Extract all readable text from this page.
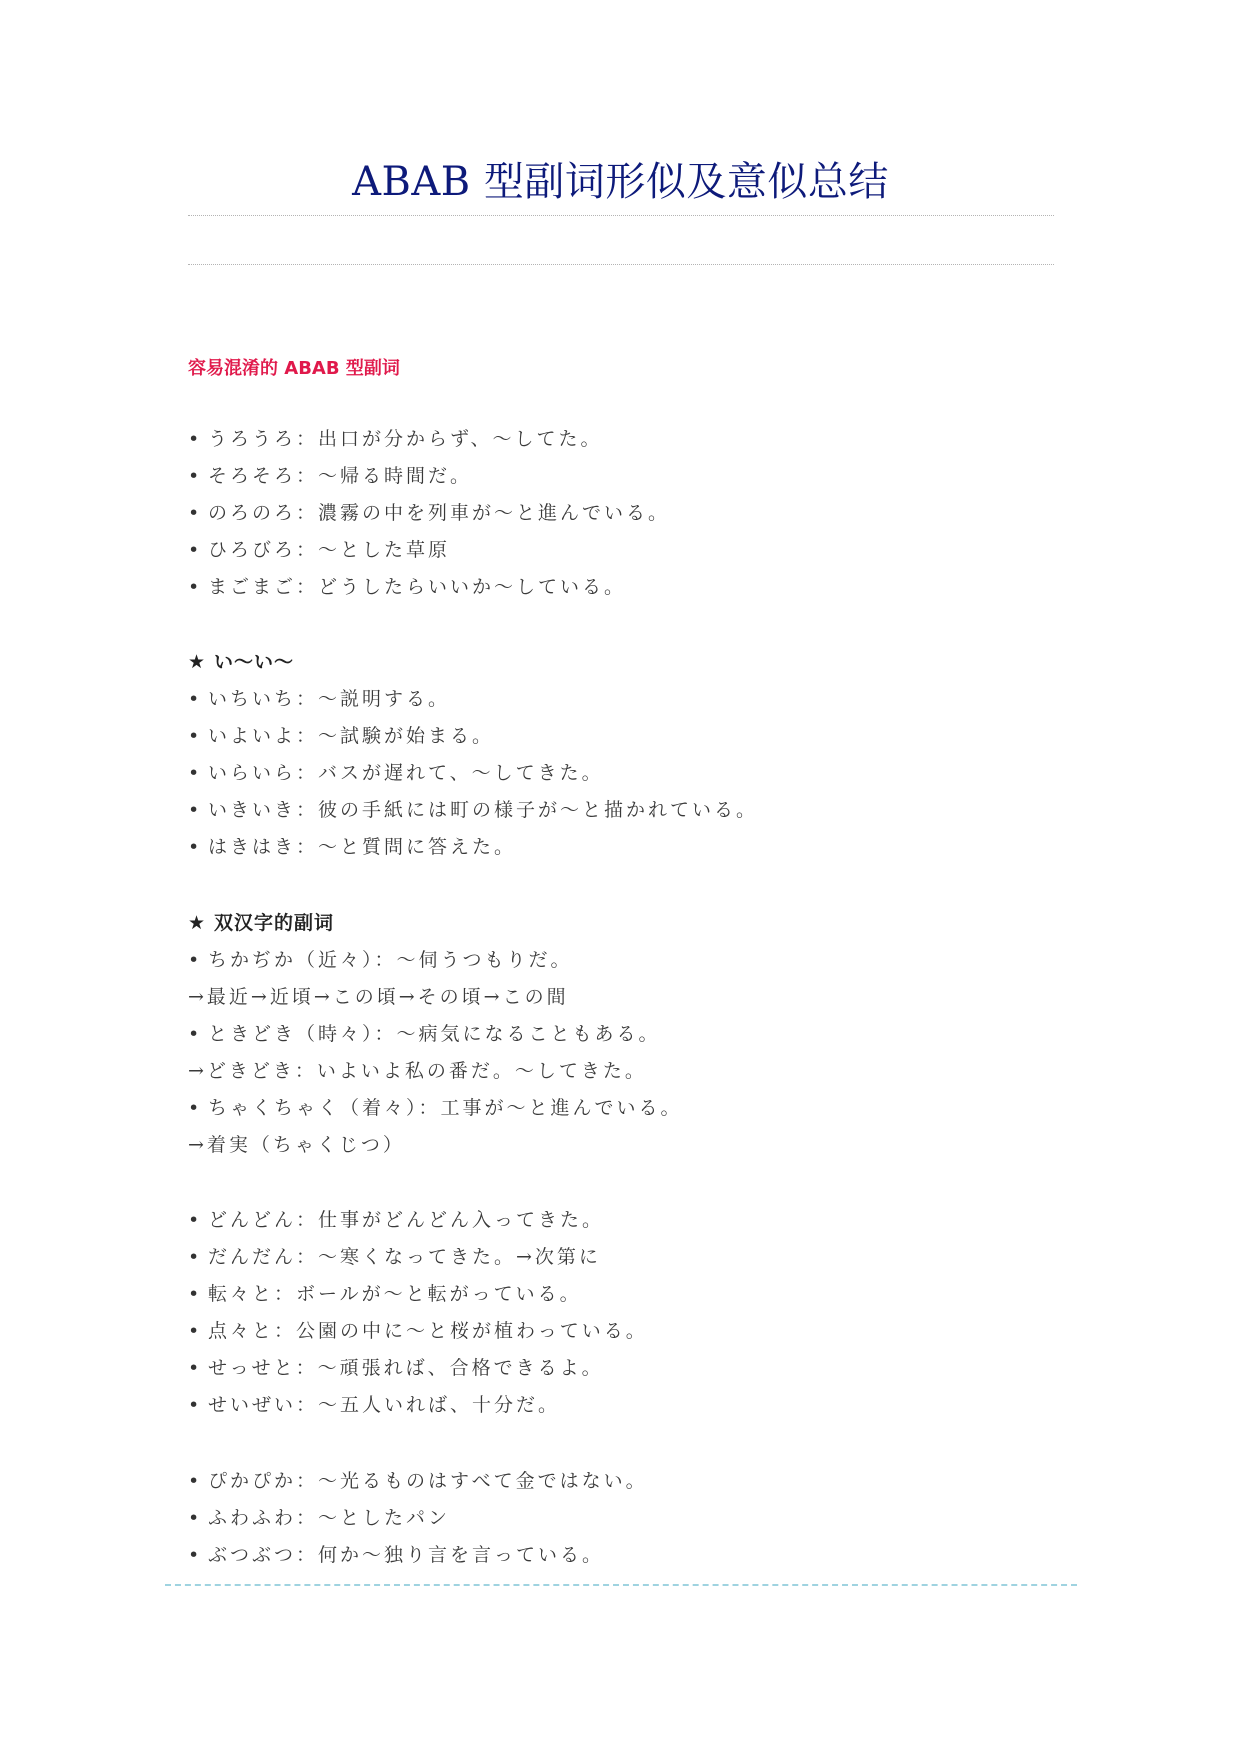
ABAB 型副词形似及意似总结
容易混淆的 ABAB 型副词
• うろうろ：出口が分からず、～してた。
• そろそろ：～帰る時間だ。
• のろのろ：濃霧の中を列車が～と進んでいる。
• ひろびろ：～とした草原
• まごまご：どうしたらいいか～している。
★ い～い～
• いちいち：～説明する。
• いよいよ：～試験が始まる。
• いらいら：バスが遅れて、～してきた。
• いきいき：彼の手紙には町の様子が～と描かれている。
• はきはき：～と質問に答えた。
★ 双汉字的副词
• ちかぢか（近々）：～伺うつもりだ。
→最近→近頃→この頃→その頃→この間
• ときどき（時々）：～病気になることもある。
→どきどき：いよいよ私の番だ。～してきた。
• ちゃくちゃく（着々）：工事が～と進んでいる。
→着実（ちゃくじつ）
• どんどん：仕事がどんどん入ってきた。
• だんだん：～寒くなってきた。→次第に
• 転々と：ボールが～と転がっている。
• 点々と：公園の中に～と桜が植わっている。
• せっせと：～頑張れば、合格できるよ。
• せいぜい：～五人いれば、十分だ。
• ぴかぴか：～光るものはすべて金ではない。
• ふわふわ：～としたパン
• ぶつぶつ：何か～独り言を言っている。
